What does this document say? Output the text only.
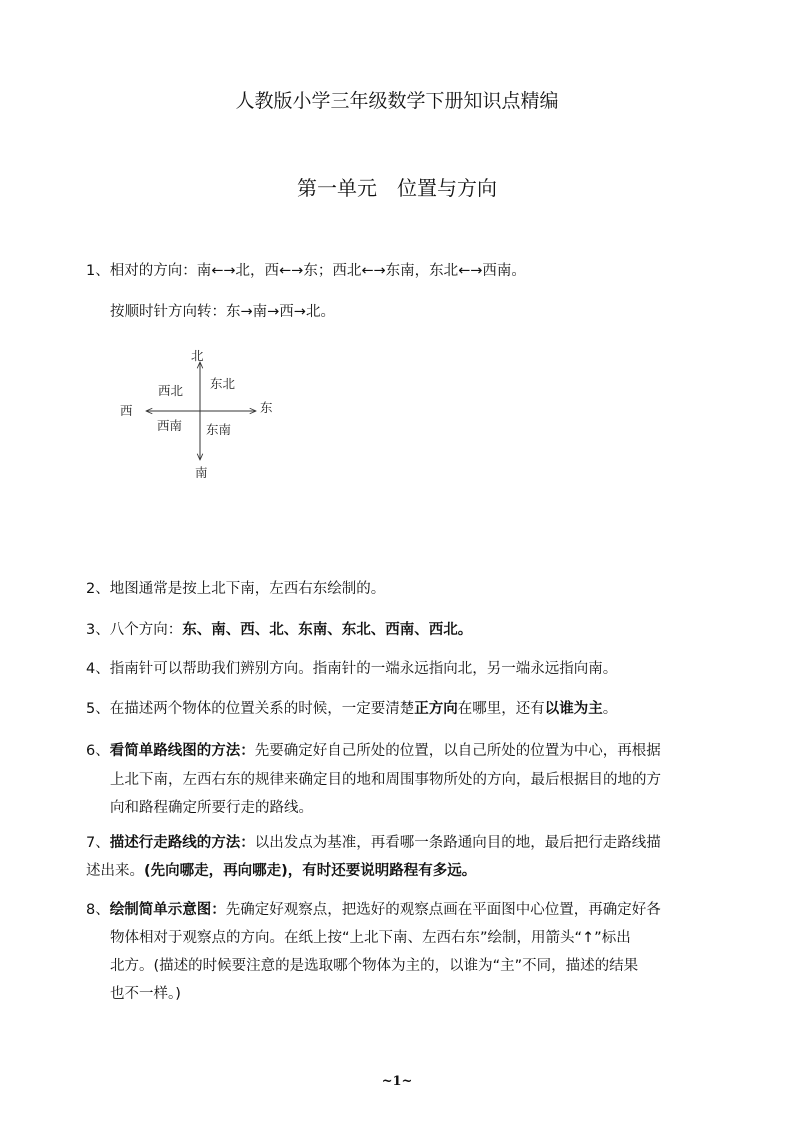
人教版小学三年级数学下册知识点精编
第一单元　位置与方向
1、相对的方向：南←→北，西←→东；西北←→东南，东北←→西南。
按顺时针方向转：东→南→西→北。
北
南
西	东
西北 东北
西南 东南
2、地图通常是按上北下南，左西右东绘制的。
3、八个方向：东、南、西、北、东南、东北、西南、西北。
4、指南针可以帮助我们辨别方向。指南针的一端永远指向北，另一端永远指向南。
5、在描述两个物体的位置关系的时候，一定要清楚正方向在哪里，还有以谁为主。
6、看简单路线图的方法：先要确定好自己所处的位置，以自己所处的位置为中心，再根据
上北下南，左西右东的规律来确定目的地和周围事物所处的方向，最后根据目的地的方
向和路程确定所要行走的路线。
7、描述行走路线的方法：以出发点为基准，再看哪一条路通向目的地，最后把行走路线描
述出来。(先向哪走，再向哪走)，有时还要说明路程有多远。
8、绘制简单示意图：先确定好观察点，把选好的观察点画在平面图中心位置，再确定好各
物体相对于观察点的方向。在纸上按“上北下南、左西右东”绘制，用箭头“↑”标出
北方。(描述的时候要注意的是选取哪个物体为主的，以谁为“主”不同，描述的结果
也不一样。)
~1~
